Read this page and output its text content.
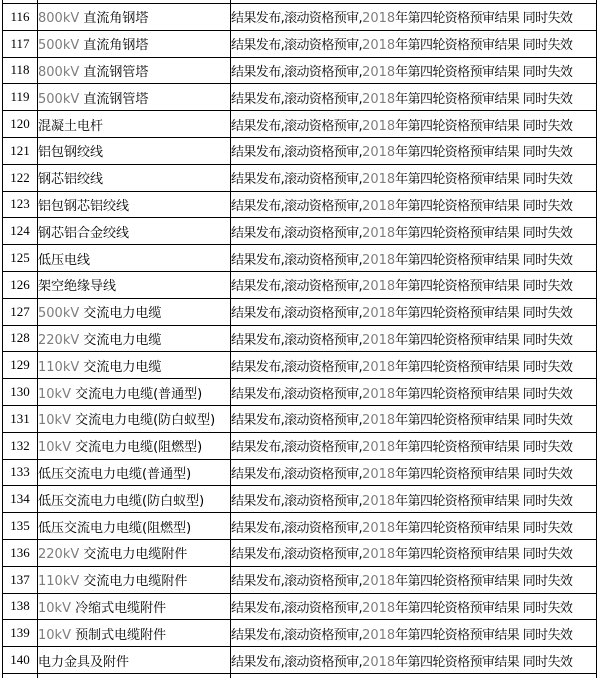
116	800kV 直流角钢塔	结果发布,滚动资格预审,2018年第四轮资格预审结果 同时失效
117	500kV 直流角钢塔	结果发布,滚动资格预审,2018年第四轮资格预审结果 同时失效
118	800kV 直流钢管塔	结果发布,滚动资格预审,2018年第四轮资格预审结果 同时失效
119	500kV 直流钢管塔	结果发布,滚动资格预审,2018年第四轮资格预审结果 同时失效
120	混凝土电杆	结果发布,滚动资格预审,2018年第四轮资格预审结果 同时失效
121	铝包钢绞线	结果发布,滚动资格预审,2018年第四轮资格预审结果 同时失效
122	钢芯铝绞线	结果发布,滚动资格预审,2018年第四轮资格预审结果 同时失效
123	铝包钢芯铝绞线	结果发布,滚动资格预审,2018年第四轮资格预审结果 同时失效
124	钢芯铝合金绞线	结果发布,滚动资格预审,2018年第四轮资格预审结果 同时失效
125	低压电线	结果发布,滚动资格预审,2018年第四轮资格预审结果 同时失效
126	架空绝缘导线	结果发布,滚动资格预审,2018年第四轮资格预审结果 同时失效
127	500kV 交流电力电缆	结果发布,滚动资格预审,2018年第四轮资格预审结果 同时失效
128	220kV 交流电力电缆	结果发布,滚动资格预审,2018年第四轮资格预审结果 同时失效
129	110kV 交流电力电缆	结果发布,滚动资格预审,2018年第四轮资格预审结果 同时失效
130	10kV 交流电力电缆(普通型)	结果发布,滚动资格预审,2018年第四轮资格预审结果 同时失效
131	10kV 交流电力电缆(防白蚁型)	结果发布,滚动资格预审,2018年第四轮资格预审结果 同时失效
132	10kV 交流电力电缆(阻燃型)	结果发布,滚动资格预审,2018年第四轮资格预审结果 同时失效
133	低压交流电力电缆(普通型)	结果发布,滚动资格预审,2018年第四轮资格预审结果 同时失效
134	低压交流电力电缆(防白蚁型)	结果发布,滚动资格预审,2018年第四轮资格预审结果 同时失效
135	低压交流电力电缆(阻燃型)	结果发布,滚动资格预审,2018年第四轮资格预审结果 同时失效
136	220kV 交流电力电缆附件	结果发布,滚动资格预审,2018年第四轮资格预审结果 同时失效
137	110kV 交流电力电缆附件	结果发布,滚动资格预审,2018年第四轮资格预审结果 同时失效
138	10kV 冷缩式电缆附件	结果发布,滚动资格预审,2018年第四轮资格预审结果 同时失效
139	10kV 预制式电缆附件	结果发布,滚动资格预审,2018年第四轮资格预审结果 同时失效
140	电力金具及附件	结果发布,滚动资格预审,2018年第四轮资格预审结果 同时失效
